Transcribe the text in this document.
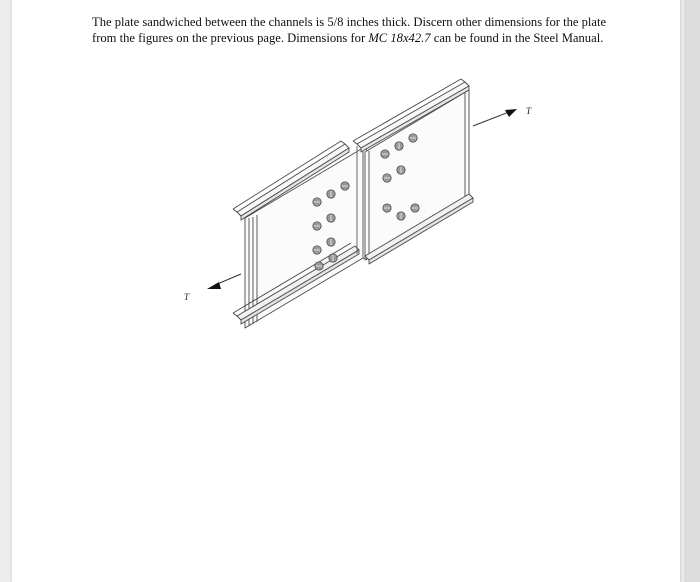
The plate sandwiched between the channels is 5/8 inches thick. Discern other dimensions for the plate from the figures on the previous page. Dimensions for MC 18x42.7 can be found in the Steel Manual.

T
T
